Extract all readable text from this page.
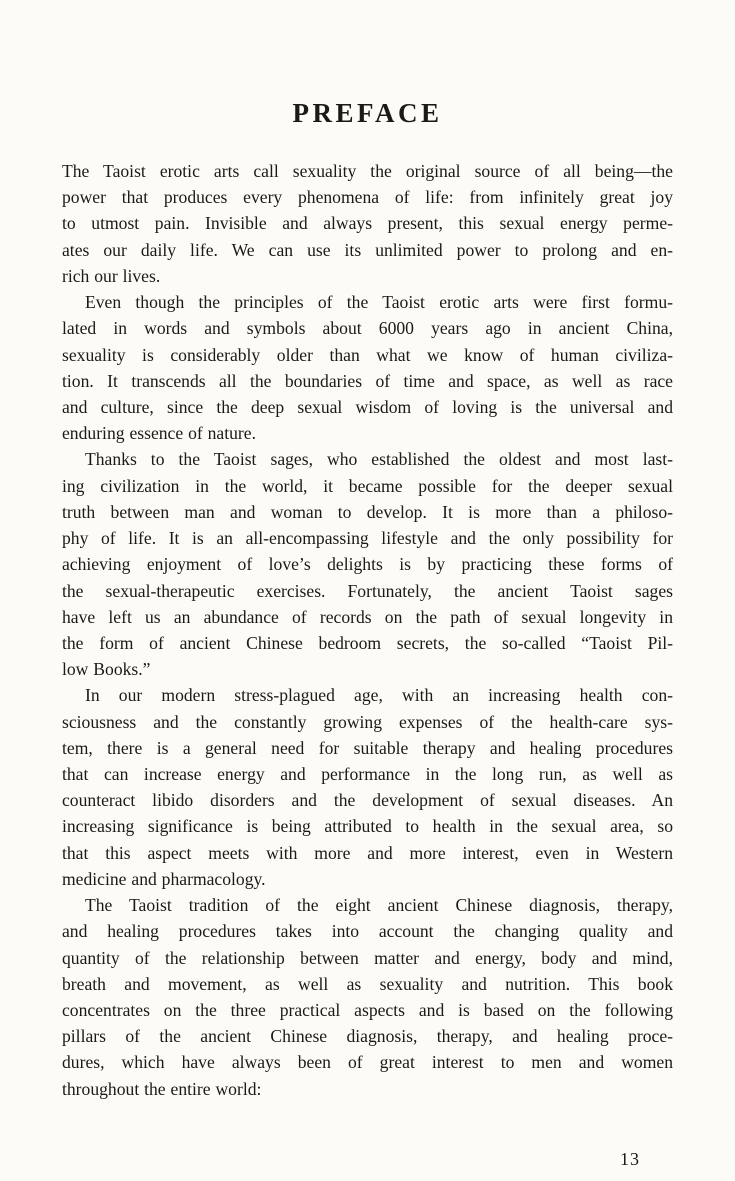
PREFACE
The Taoist erotic arts call sexuality the original source of all being—the
power that produces every phenomena of life: from infinitely great joy
to utmost pain. Invisible and always present, this sexual energy perme-
ates our daily life. We can use its unlimited power to prolong and en-
rich our lives.
Even though the principles of the Taoist erotic arts were first formu-
lated in words and symbols about 6000 years ago in ancient China,
sexuality is considerably older than what we know of human civiliza-
tion. It transcends all the boundaries of time and space, as well as race
and culture, since the deep sexual wisdom of loving is the universal and
enduring essence of nature.
Thanks to the Taoist sages, who established the oldest and most last-
ing civilization in the world, it became possible for the deeper sexual
truth between man and woman to develop. It is more than a philoso-
phy of life. It is an all-encompassing lifestyle and the only possibility for
achieving enjoyment of love’s delights is by practicing these forms of
the sexual-therapeutic exercises. Fortunately, the ancient Taoist sages
have left us an abundance of records on the path of sexual longevity in
the form of ancient Chinese bedroom secrets, the so-called “Taoist Pil-
low Books.”
In our modern stress-plagued age, with an increasing health con-
sciousness and the constantly growing expenses of the health-care sys-
tem, there is a general need for suitable therapy and healing procedures
that can increase energy and performance in the long run, as well as
counteract libido disorders and the development of sexual diseases. An
increasing significance is being attributed to health in the sexual area, so
that this aspect meets with more and more interest, even in Western
medicine and pharmacology.
The Taoist tradition of the eight ancient Chinese diagnosis, therapy,
and healing procedures takes into account the changing quality and
quantity of the relationship between matter and energy, body and mind,
breath and movement, as well as sexuality and nutrition. This book
concentrates on the three practical aspects and is based on the following
pillars of the ancient Chinese diagnosis, therapy, and healing proce-
dures, which have always been of great interest to men and women
throughout the entire world:
13
